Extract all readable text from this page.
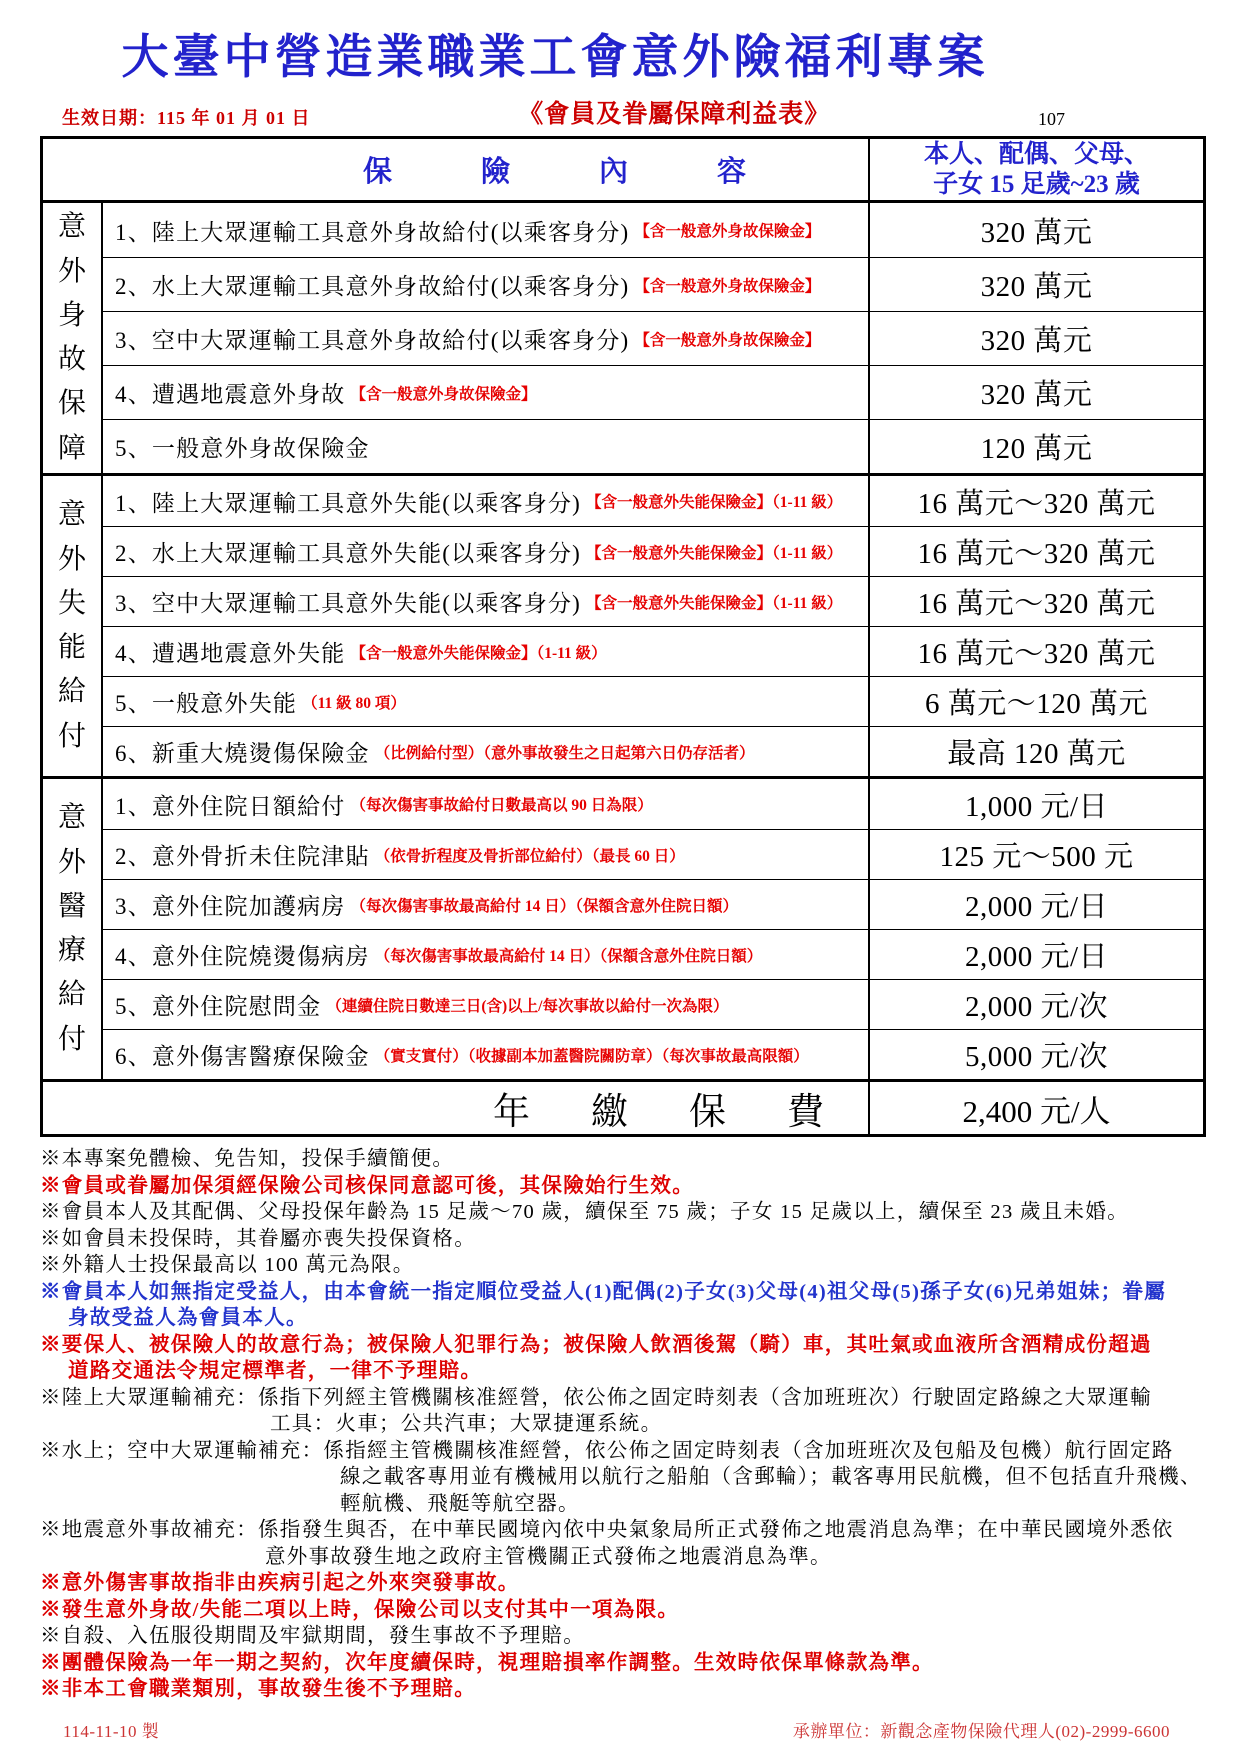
大臺中營造業職業工會意外險福利專案
生效日期：115 年 01 月 01 日	《會員及眷屬保障利益表》	107
保　險　內　容
本人、配偶、父母、
子女 15 足歲~23 歲
意外身故保障
1、陸上大眾運輸工具意外身故給付(以乘客身分) 【含一般意外身故保險金】	320 萬元
2、水上大眾運輸工具意外身故給付(以乘客身分) 【含一般意外身故保險金】	320 萬元
3、空中大眾運輸工具意外身故給付(以乘客身分) 【含一般意外身故保險金】	320 萬元
4、遭遇地震意外身故 【含一般意外身故保險金】	320 萬元
5、一般意外身故保險金	120 萬元
意外失能給付
1、陸上大眾運輸工具意外失能(以乘客身分) 【含一般意外失能保險金】（1-11 級）	16 萬元～320 萬元
2、水上大眾運輸工具意外失能(以乘客身分) 【含一般意外失能保險金】（1-11 級）	16 萬元～320 萬元
3、空中大眾運輸工具意外失能(以乘客身分) 【含一般意外失能保險金】（1-11 級）	16 萬元～320 萬元
4、遭遇地震意外失能 【含一般意外失能保險金】（1-11 級）	16 萬元～320 萬元
5、一般意外失能 （11 級 80 項）	6 萬元～120 萬元
6、新重大燒燙傷保險金 （比例給付型）（意外事故發生之日起第六日仍存活者）	最高 120 萬元
意外醫療給付
1、意外住院日額給付 （每次傷害事故給付日數最高以 90 日為限）	1,000 元/日
2、意外骨折未住院津貼 （依骨折程度及骨折部位給付）（最長 60 日）	125 元～500 元
3、意外住院加護病房 （每次傷害事故最高給付 14 日）（保額含意外住院日額）	2,000 元/日
4、意外住院燒燙傷病房 （每次傷害事故最高給付 14 日）（保額含意外住院日額）	2,000 元/日
5、意外住院慰問金 （連續住院日數達三日(含)以上/每次事故以給付一次為限）	2,000 元/次
6、意外傷害醫療保險金 （實支實付）（收據副本加蓋醫院關防章）（每次事故最高限額）	5,000 元/次
年　繳　保　費	2,400 元/人
※本專案免體檢、免告知，投保手續簡便。
※會員或眷屬加保須經保險公司核保同意認可後，其保險始行生效。
※會員本人及其配偶、父母投保年齡為 15 足歲～70 歲，續保至 75 歲；子女 15 足歲以上，續保至 23 歲且未婚。
※如會員未投保時，其眷屬亦喪失投保資格。
※外籍人士投保最高以 100 萬元為限。
※會員本人如無指定受益人，由本會統一指定順位受益人(1)配偶(2)子女(3)父母(4)祖父母(5)孫子女(6)兄弟姐妹；眷屬
身故受益人為會員本人。
※要保人、被保險人的故意行為；被保險人犯罪行為；被保險人飲酒後駕（騎）車，其吐氣或血液所含酒精成份超過
道路交通法令規定標準者，一律不予理賠。
※陸上大眾運輸補充：係指下列經主管機關核准經營，依公佈之固定時刻表（含加班班次）行駛固定路線之大眾運輸
工具：火車；公共汽車；大眾捷運系統。
※水上；空中大眾運輸補充：係指經主管機關核准經營，依公佈之固定時刻表（含加班班次及包船及包機）航行固定路
線之載客專用並有機械用以航行之船舶（含郵輪）；載客專用民航機，但不包括直升飛機、
輕航機、飛艇等航空器。
※地震意外事故補充：係指發生與否，在中華民國境內依中央氣象局所正式發佈之地震消息為準；在中華民國境外悉依
意外事故發生地之政府主管機關正式發佈之地震消息為準。
※意外傷害事故指非由疾病引起之外來突發事故。
※發生意外身故/失能二項以上時，保險公司以支付其中一項為限。
※自殺、入伍服役期間及牢獄期間，發生事故不予理賠。
※團體保險為一年一期之契約，次年度續保時，視理賠損率作調整。生效時依保單條款為準。
※非本工會職業類別，事故發生後不予理賠。
114-11-10 製	承辦單位：新觀念產物保險代理人(02)-2999-6600
